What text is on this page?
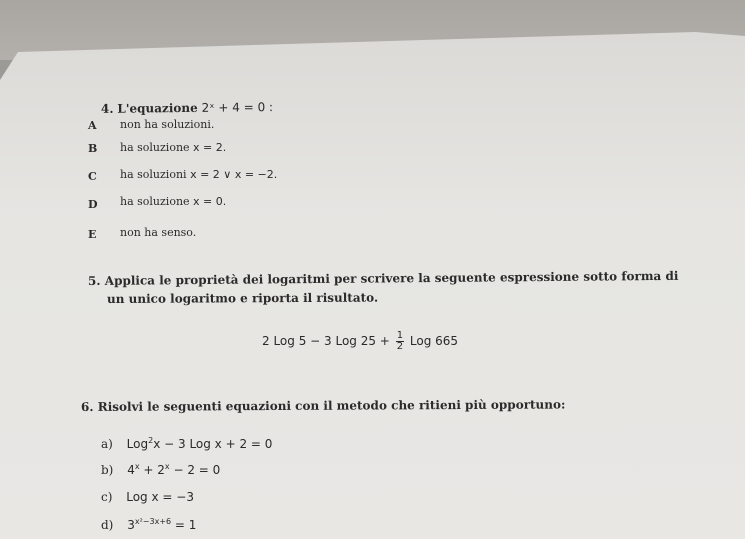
4. L'equazione 2ˣ + 4 = 0 :
A non ha soluzioni.
B ha soluzione x = 2.
C ha soluzioni x = 2 ∨ x = −2.
D ha soluzione x = 0.
E non ha senso.
5. Applica le proprietà dei logaritmi per scrivere la seguente espressione sotto forma di
un unico logaritmo e riporta il risultato.
2 Log 5 − 3 Log $25 + \frac{1}{2}$ Log 665
6. Risolvi le seguenti equazioni con il metodo che ritieni più opportuno:
a) Log$^2$x − 3 Log x + 2 = 0
b) $4^x + 2^x - 2 = 0$
c) Log x = −3
d) $3^{x^2-3x+6} = 1$
